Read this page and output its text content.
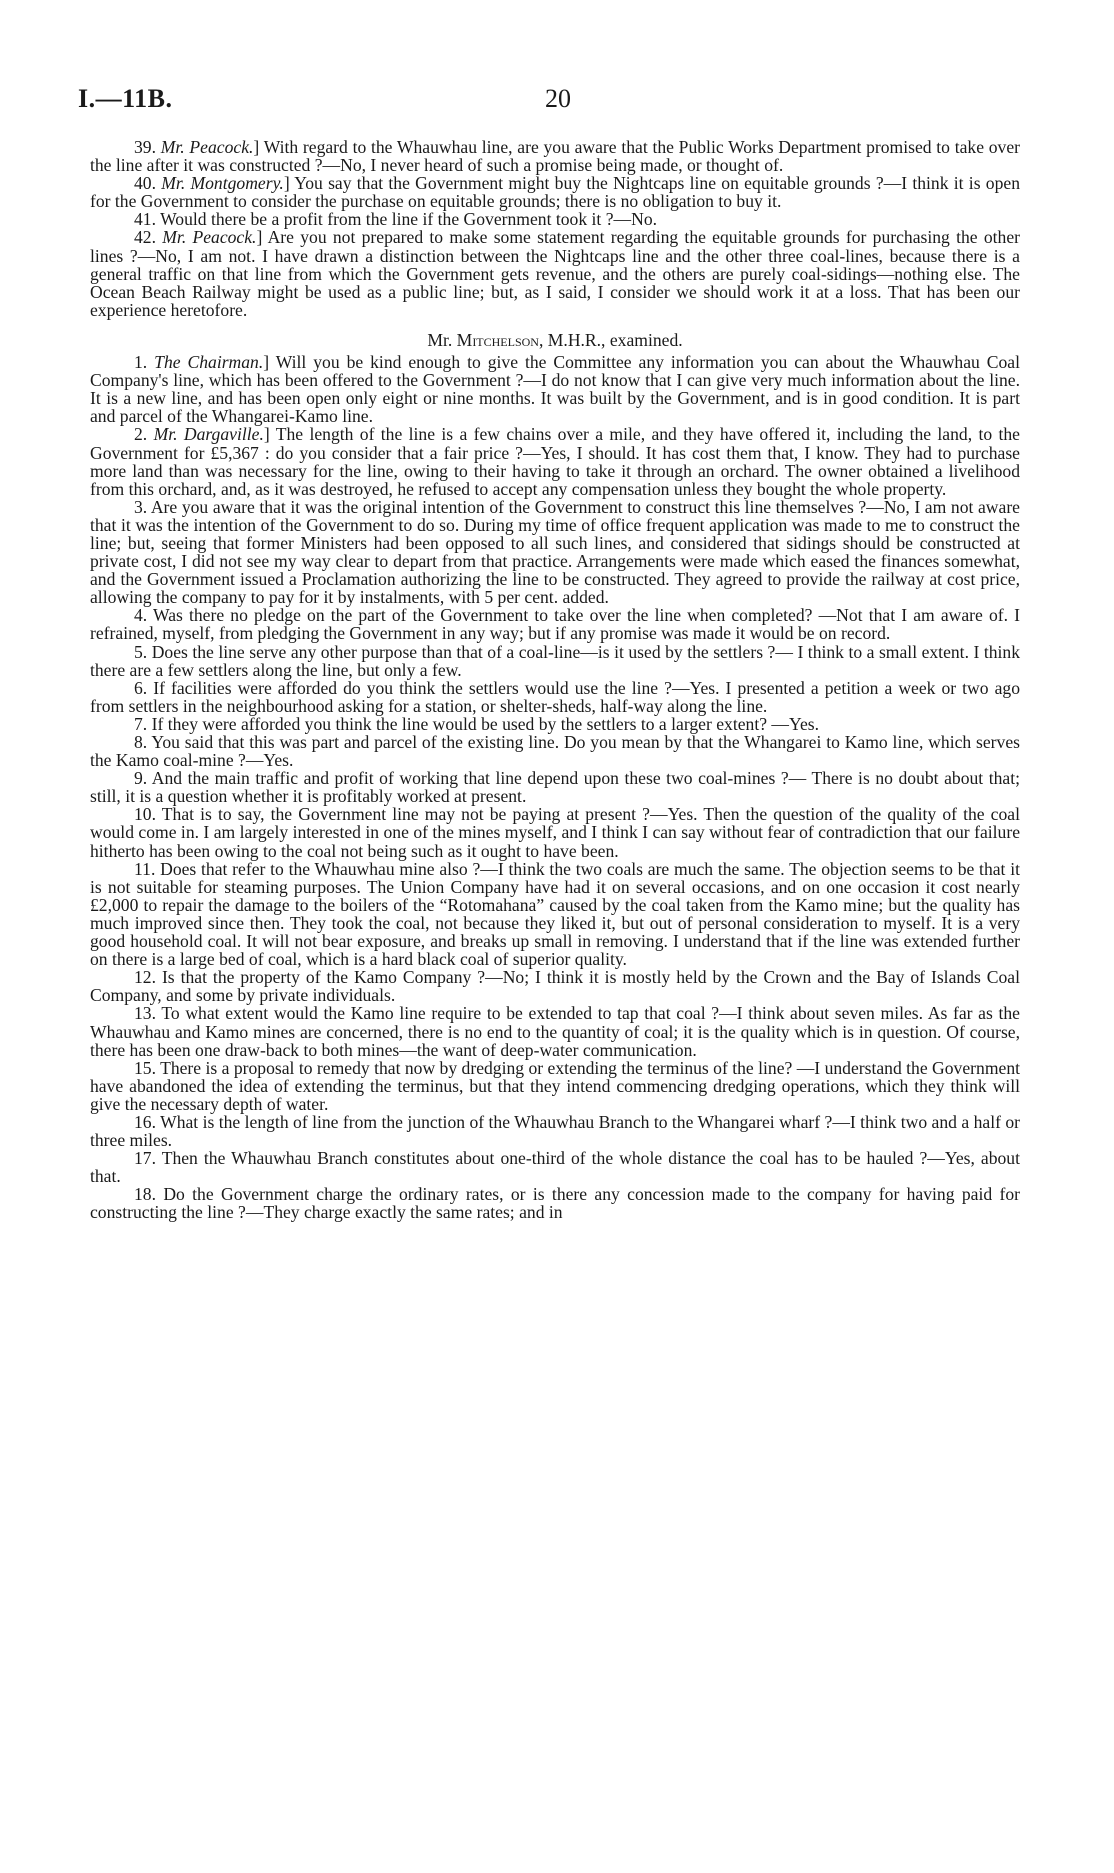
I.—11B.	20

39. Mr. Peacock.] With regard to the Whauwhau line, are you aware that the Public Works Department promised to take over the line after it was constructed ?—No, I never heard of such a promise being made, or thought of.

40. Mr. Montgomery.] You say that the Government might buy the Nightcaps line on equitable grounds ?—I think it is open for the Government to consider the purchase on equitable grounds; there is no obligation to buy it.

41. Would there be a profit from the line if the Government took it ?—No.

42. Mr. Peacock.] Are you not prepared to make some statement regarding the equitable grounds for purchasing the other lines ?—No, I am not. I have drawn a distinction between the Nightcaps line and the other three coal-lines, because there is a general traffic on that line from which the Government gets revenue, and the others are purely coal-sidings—nothing else. The Ocean Beach Railway might be used as a public line; but, as I said, I consider we should work it at a loss. That has been our experience heretofore.

Mr. Mitchelson, M.H.R., examined.

1. The Chairman.] Will you be kind enough to give the Committee any information you can about the Whauwhau Coal Company's line, which has been offered to the Government ?—I do not know that I can give very much information about the line. It is a new line, and has been open only eight or nine months. It was built by the Government, and is in good condition. It is part and parcel of the Whangarei-Kamo line.

2. Mr. Dargaville.] The length of the line is a few chains over a mile, and they have offered it, including the land, to the Government for £5,367 : do you consider that a fair price ?—Yes, I should. It has cost them that, I know. They had to purchase more land than was necessary for the line, owing to their having to take it through an orchard. The owner obtained a livelihood from this orchard, and, as it was destroyed, he refused to accept any compensation unless they bought the whole property.

3. Are you aware that it was the original intention of the Government to construct this line themselves ?—No, I am not aware that it was the intention of the Government to do so. During my time of office frequent application was made to me to construct the line; but, seeing that former Ministers had been opposed to all such lines, and considered that sidings should be constructed at private cost, I did not see my way clear to depart from that practice. Arrangements were made which eased the finances somewhat, and the Government issued a Proclamation authorizing the line to be constructed. They agreed to provide the railway at cost price, allowing the company to pay for it by instalments, with 5 per cent. added.

4. Was there no pledge on the part of the Government to take over the line when completed? —Not that I am aware of. I refrained, myself, from pledging the Government in any way; but if any promise was made it would be on record.

5. Does the line serve any other purpose than that of a coal-line—is it used by the settlers ?— I think to a small extent. I think there are a few settlers along the line, but only a few.

6. If facilities were afforded do you think the settlers would use the line ?—Yes. I presented a petition a week or two ago from settlers in the neighbourhood asking for a station, or shelter-sheds, half-way along the line.

7. If they were afforded you think the line would be used by the settlers to a larger extent? —Yes.

8. You said that this was part and parcel of the existing line. Do you mean by that the Whangarei to Kamo line, which serves the Kamo coal-mine ?—Yes.

9. And the main traffic and profit of working that line depend upon these two coal-mines ?— There is no doubt about that; still, it is a question whether it is profitably worked at present.

10. That is to say, the Government line may not be paying at present ?—Yes. Then the question of the quality of the coal would come in. I am largely interested in one of the mines myself, and I think I can say without fear of contradiction that our failure hitherto has been owing to the coal not being such as it ought to have been.

11. Does that refer to the Whauwhau mine also ?—I think the two coals are much the same. The objection seems to be that it is not suitable for steaming purposes. The Union Company have had it on several occasions, and on one occasion it cost nearly £2,000 to repair the damage to the boilers of the “Rotomahana” caused by the coal taken from the Kamo mine; but the quality has much improved since then. They took the coal, not because they liked it, but out of personal consideration to myself. It is a very good household coal. It will not bear exposure, and breaks up small in removing. I understand that if the line was extended further on there is a large bed of coal, which is a hard black coal of superior quality.

12. Is that the property of the Kamo Company ?—No; I think it is mostly held by the Crown and the Bay of Islands Coal Company, and some by private individuals.

13. To what extent would the Kamo line require to be extended to tap that coal ?—I think about seven miles. As far as the Whauwhau and Kamo mines are concerned, there is no end to the quantity of coal; it is the quality which is in question. Of course, there has been one draw-back to both mines—the want of deep-water communication.

15. There is a proposal to remedy that now by dredging or extending the terminus of the line? —I understand the Government have abandoned the idea of extending the terminus, but that they intend commencing dredging operations, which they think will give the necessary depth of water.

16. What is the length of line from the junction of the Whauwhau Branch to the Whangarei wharf ?—I think two and a half or three miles.

17. Then the Whauwhau Branch constitutes about one-third of the whole distance the coal has to be hauled ?—Yes, about that.

18. Do the Government charge the ordinary rates, or is there any concession made to the company for having paid for constructing the line ?—They charge exactly the same rates; and in
